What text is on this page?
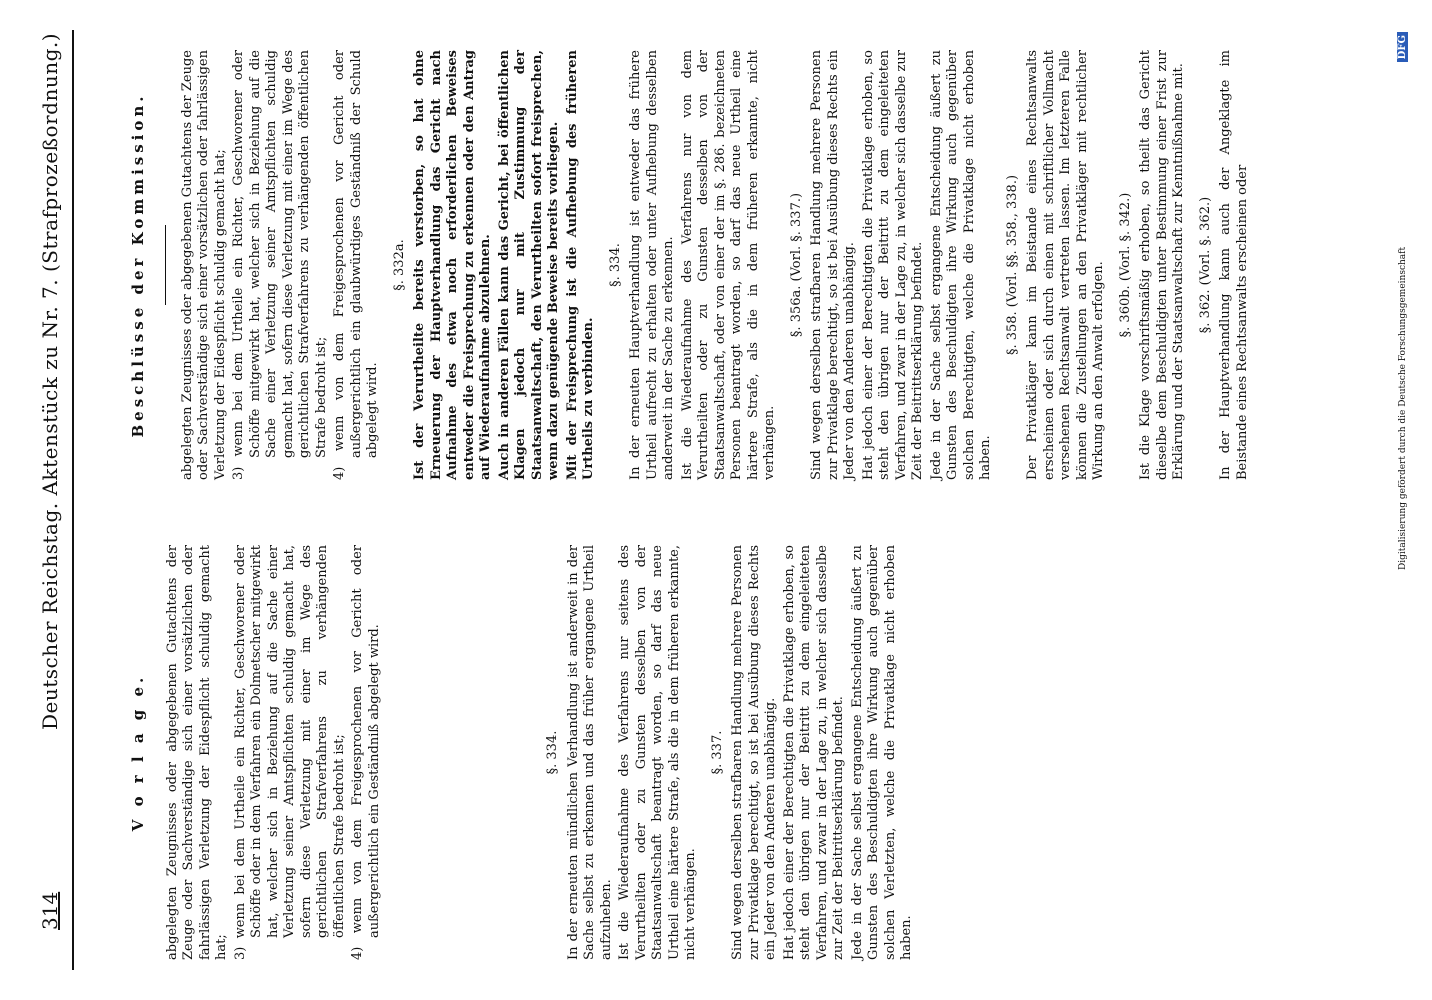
314
Deutscher Reichstag. Aktenstück zu Nr. 7. (Strafprozeßordnung.)
V o r l a g e. abgelegten Zeugnisses oder abgegebenen Gutachtens der Zeuge oder Sachverständige sich einer vorsätzlichen oder fahrlässigen Verletzung der Eidespflicht schuldig gemacht hat; 3) wenn bei dem Urtheile ein Richter, Geschworener oder Schöffe oder in dem Verfahren ein Dolmetscher mitgewirkt hat, welcher sich in Beziehung auf die Sache einer Verletzung seiner Amtspflichten schuldig gemacht hat, sofern diese Verletzung mit einer im Wege des gerichtlichen Strafverfahrens zu verhängenden öffentlichen Strafe bedroht ist; 4) wenn von dem Freigesprochenen vor Gericht oder außergerichtlich ein Geständniß abgelegt wird.	§. 334. In der erneuten mündlichen Verhandlung ist anderweit in der Sache selbst zu erkennen und das früher ergangene Urtheil aufzuheben. Ist die Wiederaufnahme des Verfahrens nur seitens des Verurtheilten oder zu Gunsten desselben von der Staatsanwaltschaft beantragt worden, so darf das neue Urtheil eine härtere Strafe, als die in dem früheren erkannte, nicht verhängen.

§. 337. Sind wegen derselben strafbaren Handlung mehrere Personen zur Privatklage berechtigt, so ist bei Ausübung dieses Rechts ein Jeder von den Anderen unabhängig. Hat jedoch einer der Berechtigten die Privatklage erhoben, so steht den übrigen nur der Beitritt zu dem eingeleiteten Verfahren, und zwar in der Lage zu, in welcher sich dasselbe zur Zeit der Beitrittserklärung befindet. Jede in der Sache selbst ergangene Entscheidung äußert zu Gunsten des Beschuldigten ihre Wirkung auch gegenüber solchen Verletzten, welche die Privatklage nicht erhoben haben.

Beschlüsse der Kommission.	abgelegten Zeugnisses oder abgegebenen Gutachtens der Zeuge oder Sachverständige sich einer vorsätzlichen oder fahrlässigen Verletzung der Eidespflicht schuldig gemacht hat; 3) wenn bei dem Urtheile ein Richter, Geschworener oder Schöffe mitgewirkt hat, welcher sich in Beziehung auf die Sache einer Verletzung seiner Amtspflichten schuldig gemacht hat, sofern diese Verletzung mit einer im Wege des gerichtlichen Strafverfahrens zu verhängenden öffentlichen Strafe bedroht ist; 4) wenn von dem Freigesprochenen vor Gericht oder außergerichtlich ein glaubwürdiges Geständniß der Schuld abgelegt wird.

§. 332a. Ist der Verurtheilte bereits verstorben, so hat ohne Erneuerung der Hauptverhandlung das Gericht nach Aufnahme des etwa noch erforderlichen Beweises entweder die Freisprechung zu erkennen oder den Antrag auf Wiederaufnahme abzulehnen. Auch in anderen Fällen kann das Gericht, bei öffentlichen Klagen jedoch nur mit Zustimmung der Staatsanwaltschaft, den Verurtheilten sofort freisprechen, wenn dazu genügende Beweise bereits vorliegen. Mit der Freisprechung ist die Aufhebung des früheren Urtheils zu verbinden.

§. 334. In der erneuten Hauptverhandlung ist entweder das frühere Urtheil aufrecht zu erhalten oder unter Aufhebung desselben anderweit in der Sache zu erkennen. Ist die Wiederaufnahme des Verfahrens nur von dem Verurtheilten oder zu Gunsten desselben von der Staatsanwaltschaft, oder von einer der im §. 286. bezeichneten Personen beantragt worden, so darf das neue Urtheil eine härtere Strafe, als die in dem früheren erkannte, nicht verhängen.

§. 356a. (Vorl. §. 337.) Sind wegen derselben strafbaren Handlung mehrere Personen zur Privatklage berechtigt, so ist bei Ausübung dieses Rechts ein Jeder von den Anderen unabhängig. Hat jedoch einer der Berechtigten die Privatklage erhoben, so steht den übrigen nur der Beitritt zu dem eingeleiteten Verfahren, und zwar in der Lage zu, in welcher sich dasselbe zur Zeit der Beitrittserklärung befindet. Jede in der Sache selbst ergangene Entscheidung äußert zu Gunsten des Beschuldigten ihre Wirkung auch gegenüber solchen Berechtigten, welche die Privatklage nicht erhoben haben.

§. 358. (Vorl. §§. 358., 338.) Der Privatkläger kann im Beistande eines Rechtsanwalts erscheinen oder sich durch einen mit schriftlicher Vollmacht versehenen Rechtsanwalt vertreten lassen. Im letzteren Falle können die Zustellungen an den Privatkläger mit rechtlicher Wirkung an den Anwalt erfolgen. §. 360b. (Vorl. §. 342.) Ist die Klage vorschriftsmäßig erhoben, so theilt das Gericht dieselbe dem Beschuldigten unter Bestimmung einer Frist zur Erklärung und der Staatsanwaltschaft zur Kenntnißnahme mit. §. 362. (Vorl. §. 362.) In der Hauptverhandlung kann auch der Angeklagte im Beistande eines Rechtsanwalts erscheinen oder	Digitalisierung gefördert durch die Deutsche Forschungsgemeinschaft
DFG
